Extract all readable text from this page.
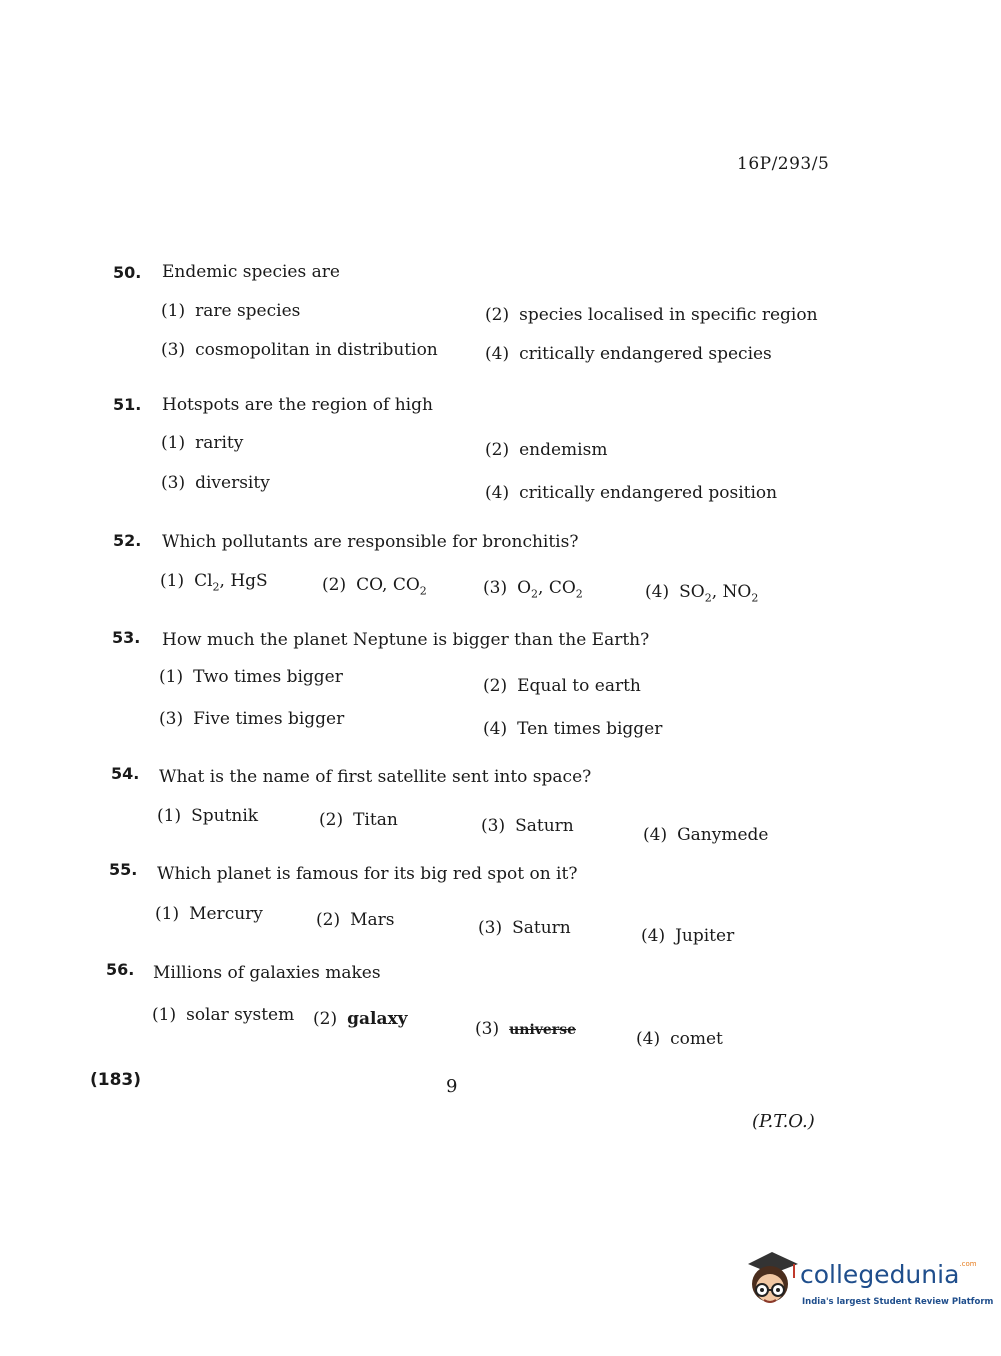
16P/293/5
50. Endemic species are
(1) rare species	(2) species localised in specific region
(3) cosmopolitan in distribution	(4) critically endangered species
51. Hotspots are the region of high
(1) rarity	(2) endemism
(3) diversity	(4) critically endangered position
52. Which pollutants are responsible for bronchitis?
(1) $Cl_2$, HgS	(2) CO, $CO_2$	(3) $O_2$, $CO_2$	(4) $SO_2$, $NO_2$
53. How much the planet Neptune is bigger than the Earth?
(1) Two times bigger	(2) Equal to earth
(3) Five times bigger	(4) Ten times bigger
54. What is the name of first satellite sent into space?
(1) Sputnik	(2) Titan	(3) Saturn	(4) Ganymede
55. Which planet is famous for its big red spot on it?
(1) Mercury	(2) Mars	(3) Saturn	(4) Jupiter
56. Millions of galaxies makes
(1) solar system (2) galaxy	(3) universe	(4) comet
(183)	9
(P.T.O.)
collegedunia$^{.com}$
India's largest Student Review Platform
